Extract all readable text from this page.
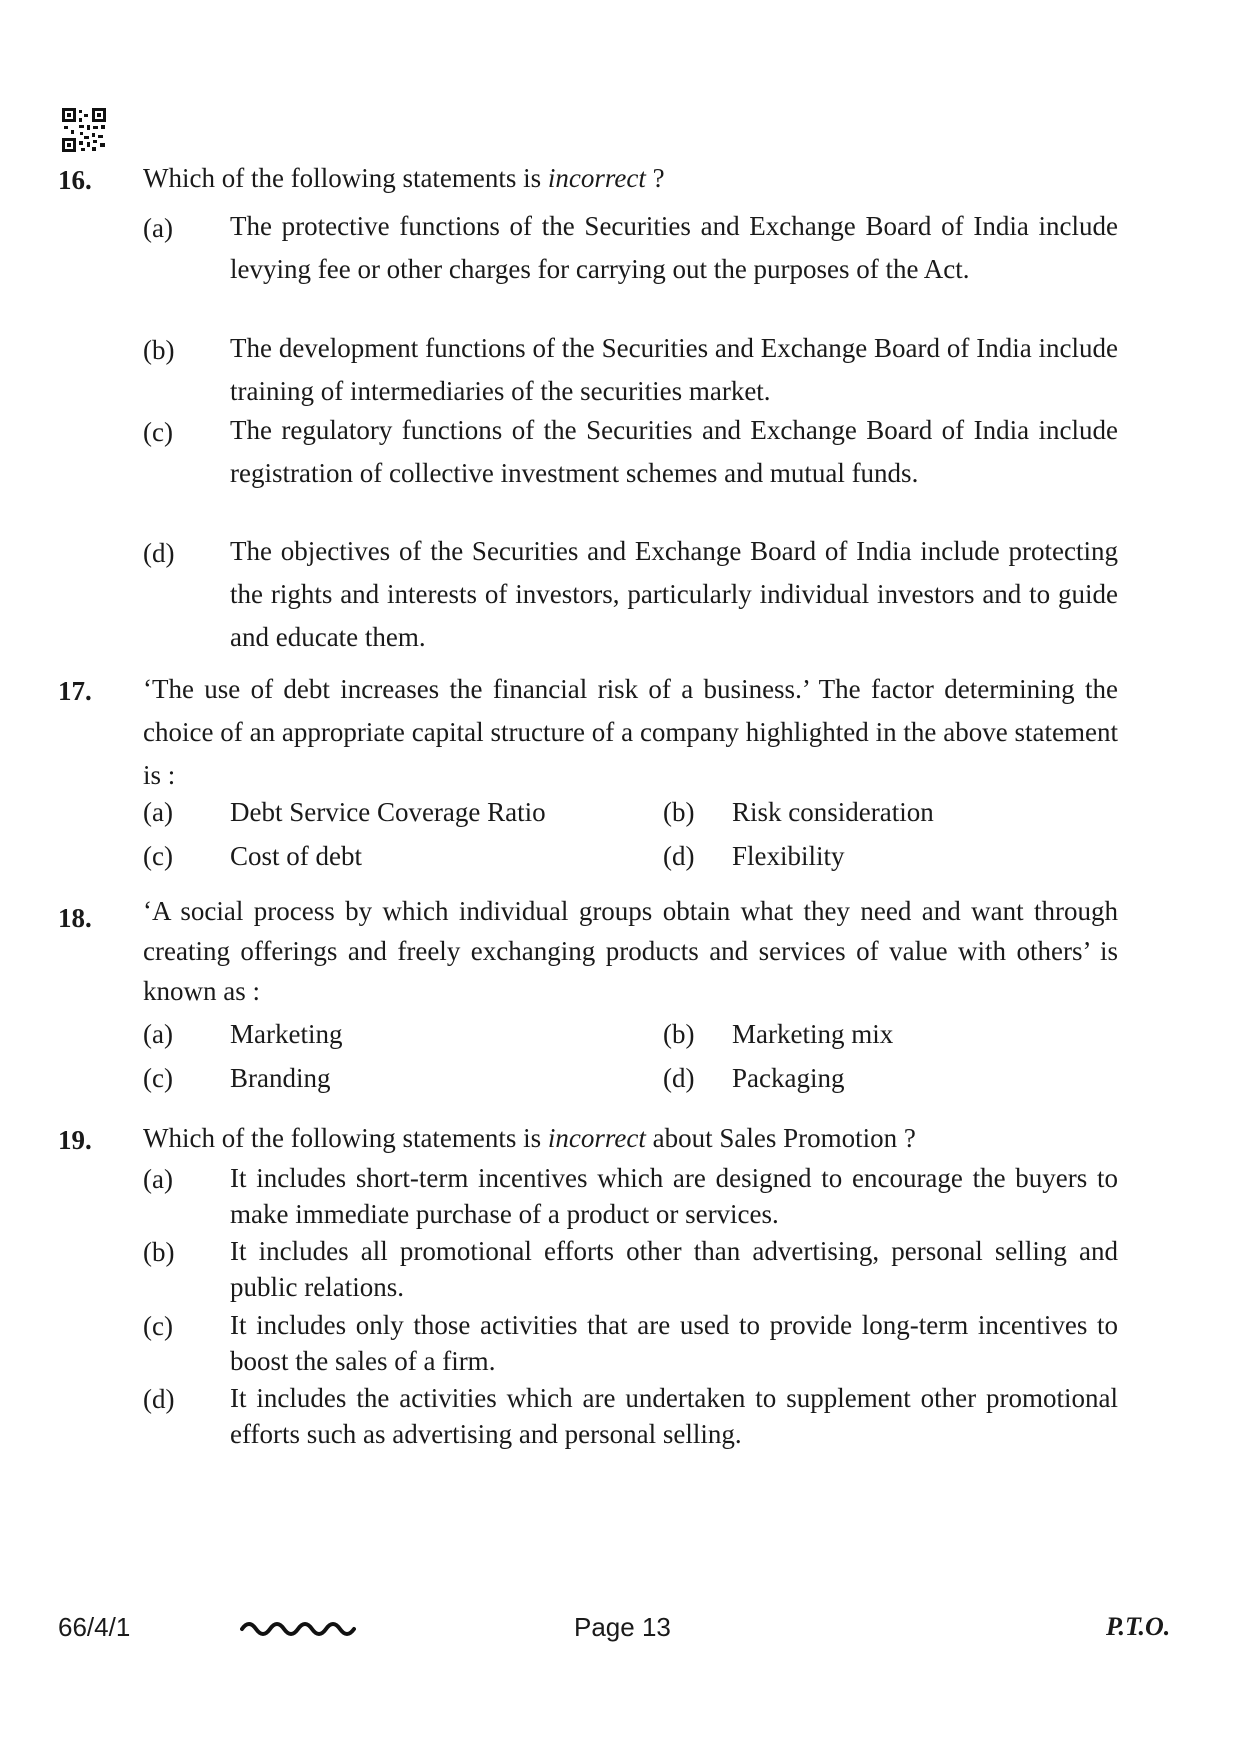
16. Which of the following statements is incorrect ?
(a) The protective functions of the Securities and Exchange Board of India include levying fee or other charges for carrying out the purposes of the Act.
(b) The development functions of the Securities and Exchange Board of India include training of intermediaries of the securities market.
(c) The regulatory functions of the Securities and Exchange Board of India include registration of collective investment schemes and mutual funds.
(d) The objectives of the Securities and Exchange Board of India include protecting the rights and interests of investors, particularly individual investors and to guide and educate them.
17. ‘The use of debt increases the financial risk of a business.’ The factor determining the choice of an appropriate capital structure of a company highlighted in the above statement is :
(a) Debt Service Coverage Ratio	(b) Risk consideration
(c) Cost of debt	(d) Flexibility
18. ‘A social process by which individual groups obtain what they need and want through creating offerings and freely exchanging products and services of value with others’ is known as :
(a) Marketing	(b) Marketing mix
(c) Branding	(d) Packaging
19. Which of the following statements is incorrect about Sales Promotion ?
(a) It includes short-term incentives which are designed to encourage the buyers to make immediate purchase of a product or services.
(b) It includes all promotional efforts other than advertising, personal selling and public relations.
(c) It includes only those activities that are used to provide long-term incentives to boost the sales of a firm.
(d) It includes the activities which are undertaken to supplement other promotional efforts such as advertising and personal selling.
66/4/1	Page 13	P.T.O.
